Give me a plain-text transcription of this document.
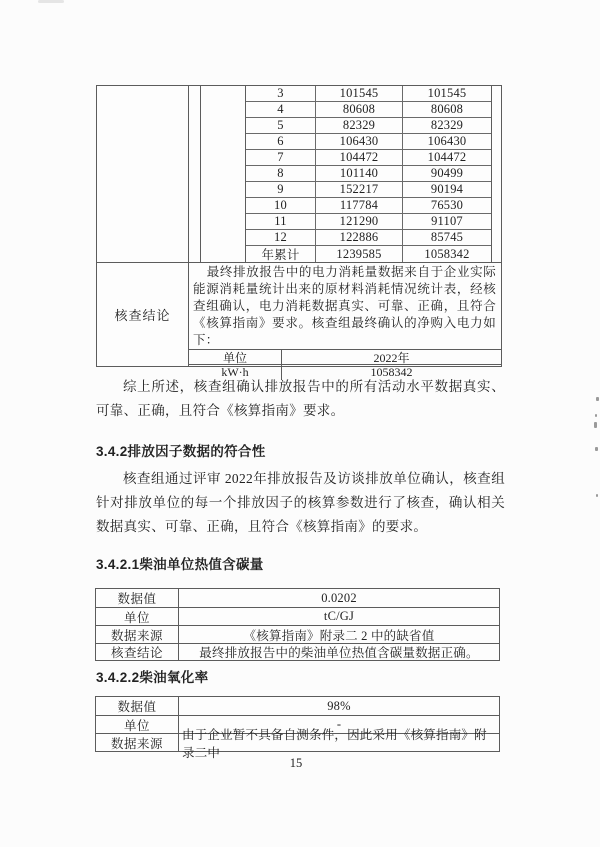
3	101545	101545
4	80608	80608
5	82329	82329
6	106430	106430
7	104472	104472
8	101140	90499
9	152217	90194
10	117784	76530
11	121290	91107
12	122886	85745
年累计	1239585	1058342
核查结论
最终排放报告中的电力消耗量数据来自于企业实际能源消耗量统计出来的原材料消耗情况统计表，经核查组确认，电力消耗数据真实、可靠、正确，且符合《核算指南》要求。核查组最终确认的净购入电力如下：
单位	2022年
kW·h	1058342
综上所述，核查组确认排放报告中的所有活动水平数据真实、可靠、正确，且符合《核算指南》要求。
3.4.2排放因子数据的符合性
核查组通过评审 2022年排放报告及访谈排放单位确认，核查组针对排放单位的每一个排放因子的核算参数进行了核查，确认相关数据真实、可靠、正确，且符合《核算指南》的要求。
3.4.2.1柴油单位热值含碳量
数据值	0.0202
单位	tC/GJ
数据来源	《核算指南》附录二 2 中的缺省值
核查结论	最终排放报告中的柴油单位热值含碳量数据正确。
3.4.2.2柴油氧化率
数据值	98%
单位	-
数据来源
由于企业暂不具备自测条件，因此采用《核算指南》附录二中
15
